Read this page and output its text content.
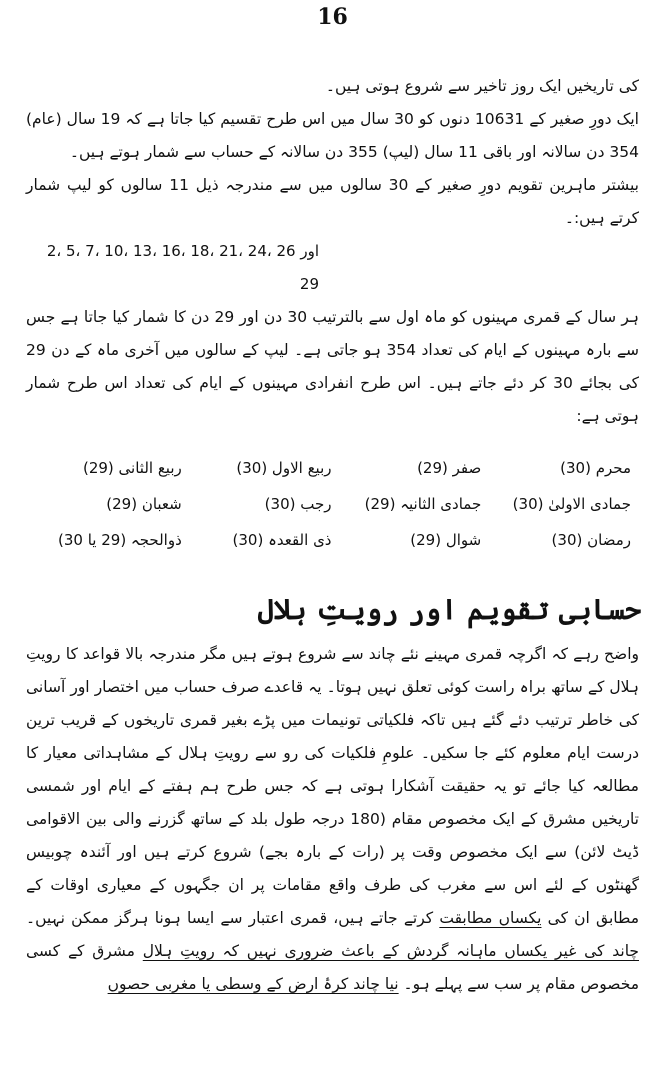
16

کی تاریخیں ایک روز تاخیر سے شروع ہوتی ہیں۔

ایک دورِ صغیر کے 10631 دنوں کو 30 سال میں اس طرح تقسیم کیا جاتا ہے کہ 19 سال (عام) 354 دن سالانہ اور باقی 11 سال (لیپ) 355 دن سالانہ کے حساب سے شمار ہوتے ہیں۔

بیشتر ماہرین تقویم دورِ صغیر کے 30 سالوں میں سے مندرجہ ذیل 11 سالوں کو لیپ شمار کرتے ہیں:۔

2، 5، 7، 10، 13، 16، 18، 21، 24، 26 اور 29

ہر سال کے قمری مہینوں کو ماہ اول سے بالترتیب 30 دن اور 29 دن کا شمار کیا جاتا ہے جس سے بارہ مہینوں کے ایام کی تعداد 354 ہو جاتی ہے۔ لیپ کے سالوں میں آخری ماہ کے دن 29 کی بجائے 30 کر دئے جاتے ہیں۔ اس طرح انفرادی مہینوں کے ایام کی تعداد اس طرح شمار ہوتی ہے:

محرم (30)
صفر (29)
ربیع الاول (30)
ربیع الثانی (29)
جمادی الاولیٰ (30)
جمادی الثانیہ (29)
رجب (30)
شعبان (29)
رمضان (30)
شوال (29)
ذی القعدہ (30)
ذوالحجہ (29 یا 30)
حسابی تقویم اور رویتِ ہلال

واضح رہے کہ اگرچہ قمری مہینے نئے چاند سے شروع ہوتے ہیں مگر مندرجہ بالا قواعد کا رویتِ ہلال کے ساتھ براہ راست کوئی تعلق نہیں ہوتا۔ یہ قاعدے صرف حساب میں اختصار اور آسانی کی خاطر ترتیب دئے گئے ہیں تاکہ فلکیاتی تونیمات میں پڑے بغیر قمری تاریخوں کے قریب ترین درست ایام معلوم کئے جا سکیں۔ علومِ فلکیات کی رو سے رویتِ ہلال کے مشاہداتی معیار کا مطالعہ کیا جائے تو یہ حقیقت آشکارا ہوتی ہے کہ جس طرح ہم ہفتے کے ایام اور شمسی تاریخیں مشرق کے ایک مخصوص مقام (180 درجہ طول بلد کے ساتھ گزرنے والی بین الاقوامی ڈیٹ لائن) سے ایک مخصوص وقت پر (رات کے بارہ بجے) شروع کرتے ہیں اور آئندہ چوبیس گھنٹوں کے لئے اس سے مغرب کی طرف واقع مقامات پر ان جگہوں کے معیاری اوقات کے مطابق ان کی یکساں مطابقت کرتے جاتے ہیں، قمری اعتبار سے ایسا ہونا ہرگز ممکن نہیں۔ چاند کی غیر یکساں ماہانہ گردش کے باعث ضروری نہیں کہ رویتِ ہلال مشرق کے کسی مخصوص مقام پر سب سے پہلے ہو۔ نیا چاند کرۂ ارض کے وسطی یا مغربی حصوں
